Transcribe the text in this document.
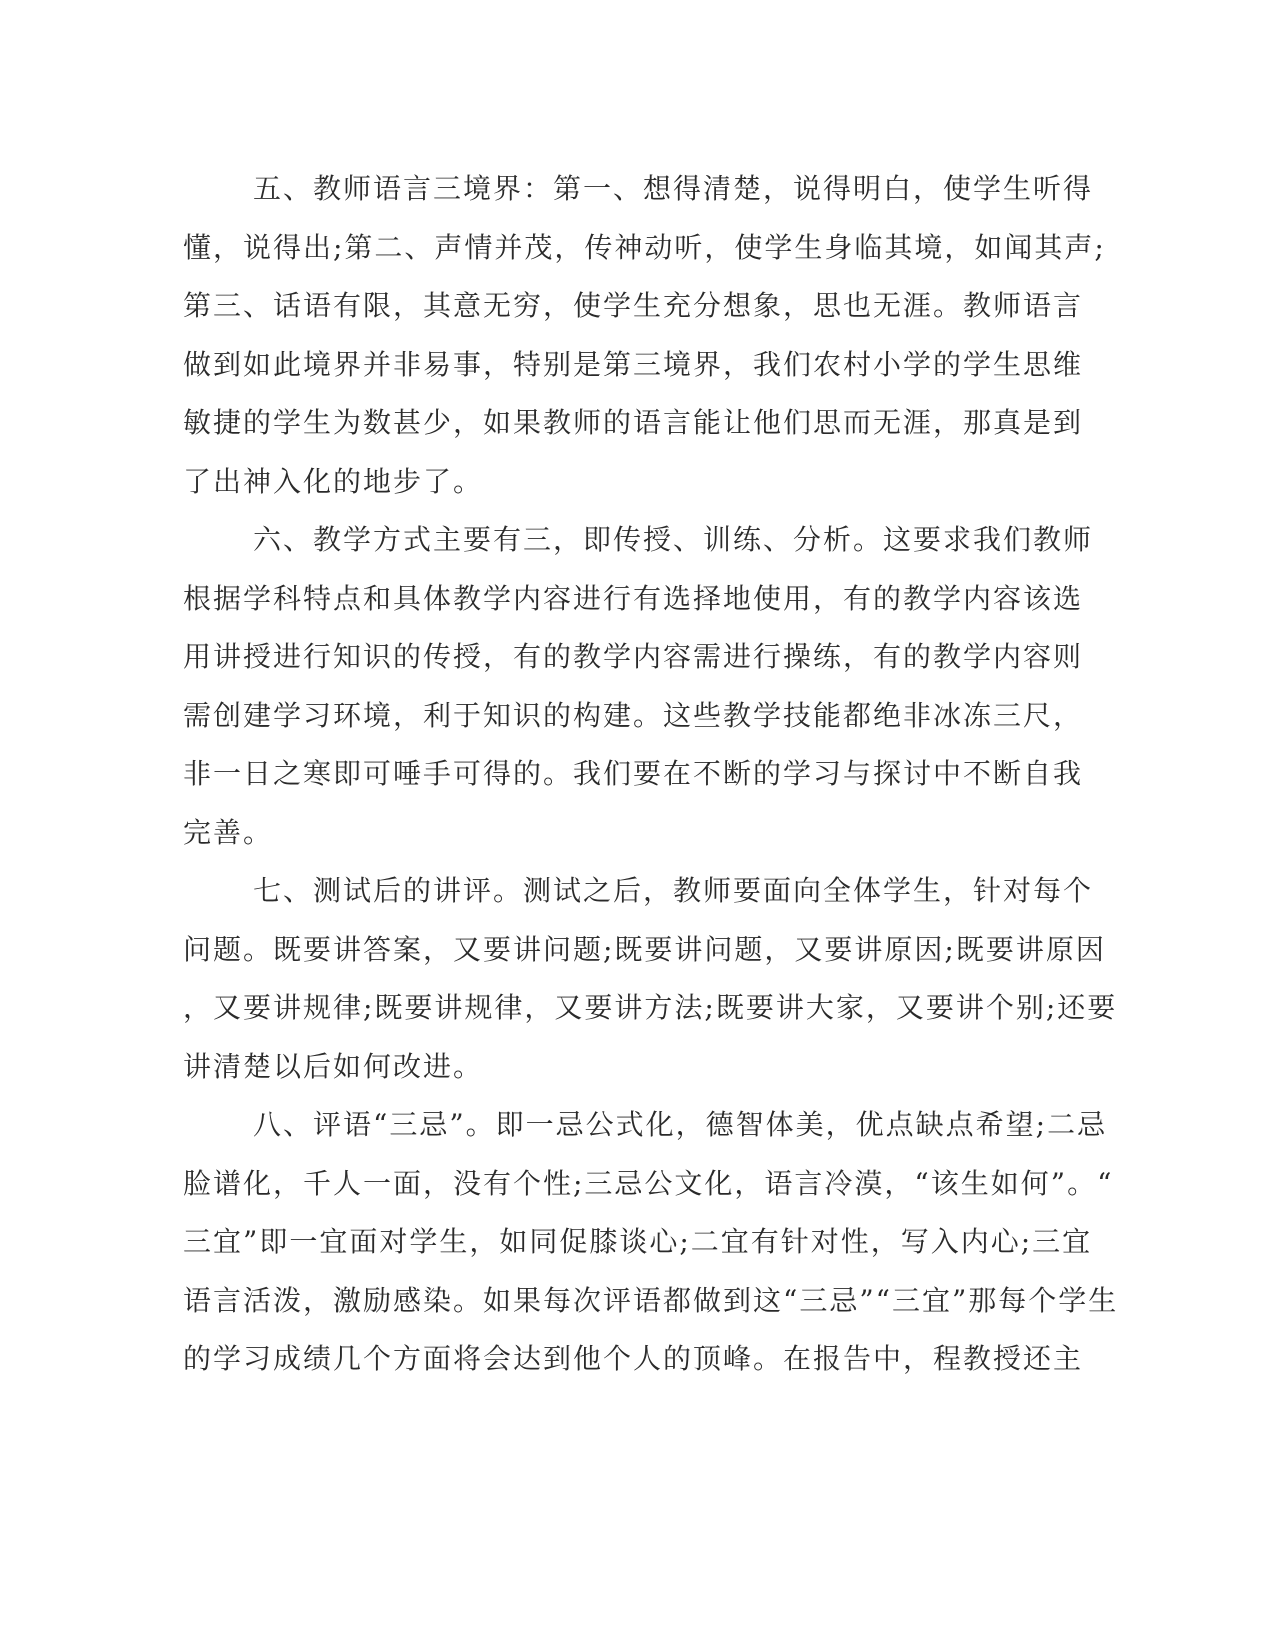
五、教师语言三境界：第一、想得清楚，说得明白，使学生听得
懂，说得出;第二、声情并茂，传神动听，使学生身临其境，如闻其声;
第三、话语有限，其意无穷，使学生充分想象，思也无涯。教师语言
做到如此境界并非易事，特别是第三境界，我们农村小学的学生思维
敏捷的学生为数甚少，如果教师的语言能让他们思而无涯，那真是到
了出神入化的地步了。
六、教学方式主要有三，即传授、训练、分析。这要求我们教师
根据学科特点和具体教学内容进行有选择地使用，有的教学内容该选
用讲授进行知识的传授，有的教学内容需进行操练，有的教学内容则
需创建学习环境，利于知识的构建。这些教学技能都绝非冰冻三尺，
非一日之寒即可唾手可得的。我们要在不断的学习与探讨中不断自我
完善。
七、测试后的讲评。测试之后，教师要面向全体学生，针对每个
问题。既要讲答案，又要讲问题;既要讲问题，又要讲原因;既要讲原因
，又要讲规律;既要讲规律，又要讲方法;既要讲大家，又要讲个别;还要
讲清楚以后如何改进。
八、评语“三忌”。即一忌公式化，德智体美，优点缺点希望;二忌
脸谱化，千人一面，没有个性;三忌公文化，语言冷漠，“该生如何”。“
三宜”即一宜面对学生，如同促膝谈心;二宜有针对性，写入内心;三宜
语言活泼，激励感染。如果每次评语都做到这“三忌”“三宜”那每个学生
的学习成绩几个方面将会达到他个人的顶峰。在报告中，程教授还主
